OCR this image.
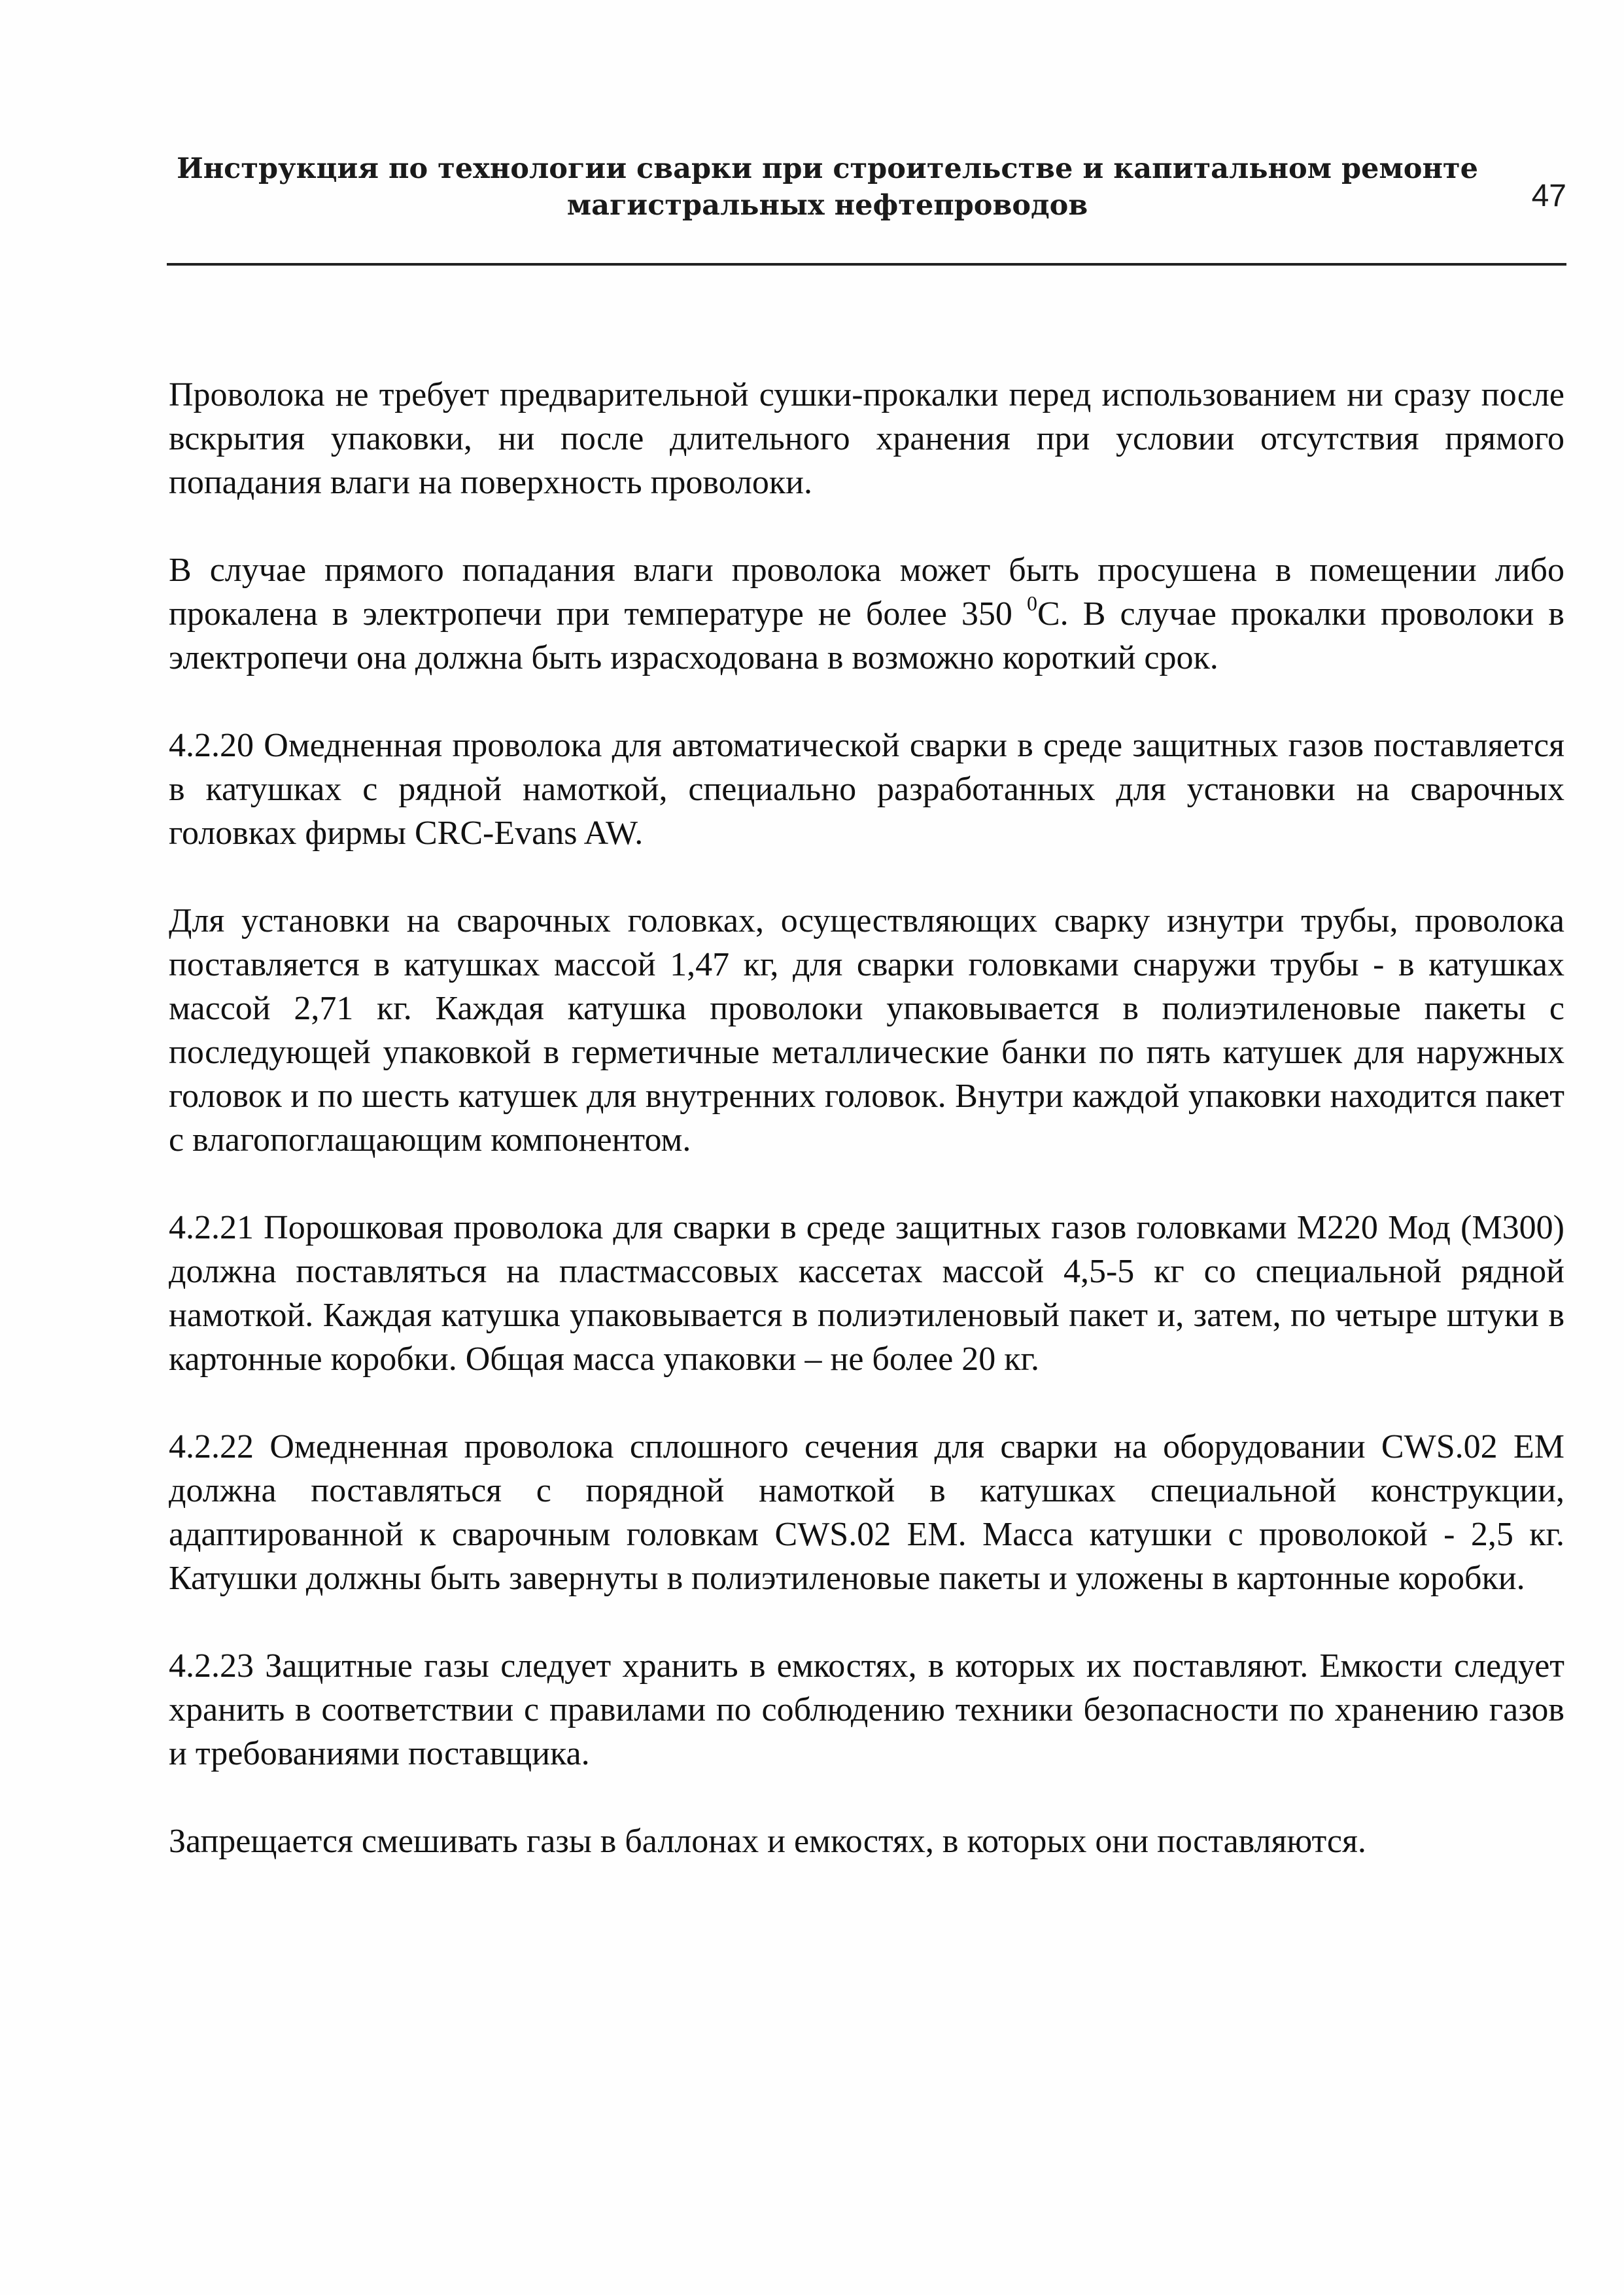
Инструкция по технологии сварки при строительстве и капитальном ремонте
магистральных нефтепроводов	47

Проволока не требует предварительной сушки-прокалки перед использованием ни сразу после вскрытия упаковки, ни после длительного хранения при условии отсутствия прямого попадания влаги на поверхность проволоки.

В случае прямого попадания влаги проволока может быть просушена в помещении либо прокалена в электропечи при температуре не более 350 $^0$С. В случае прокалки проволоки в электропечи она должна быть израсходована в возможно короткий срок.

4.2.20 Омедненная проволока для автоматической сварки в среде защитных газов поставляется в катушках с рядной намоткой, специально разработанных для установки на сварочных головках фирмы CRC-Evans AW.

Для установки на сварочных головках, осуществляющих сварку изнутри трубы, проволока поставляется в катушках массой 1,47 кг, для сварки головками снаружи трубы - в катушках массой 2,71 кг. Каждая катушка проволоки упаковывается в полиэтиленовые пакеты с последующей упаковкой в герметичные металлические банки по пять катушек для наружных головок и по шесть катушек для внутренних головок. Внутри каждой упаковки находится пакет с влагопоглащающим компонентом.

4.2.21 Порошковая проволока для сварки в среде защитных газов головками М220 Мод (М300) должна поставляться на пластмассовых кассетах массой 4,5-5 кг со специальной рядной намоткой. Каждая катушка упаковывается в полиэтиленовый пакет и, затем, по четыре штуки в картонные коробки. Общая масса упаковки – не более 20 кг.

4.2.22 Омедненная проволока сплошного сечения для сварки на оборудовании CWS.02 EM должна поставляться с порядной намоткой в катушках специальной конструкции, адаптированной к сварочным головкам CWS.02 EM. Масса катушки с проволокой - 2,5 кг. Катушки должны быть завернуты в полиэтиленовые пакеты и уложены в картонные коробки.

4.2.23 Защитные газы следует хранить в емкостях, в которых их поставляют. Емкости следует хранить в соответствии с правилами по соблюдению техники безопасности по хранению газов и требованиями поставщика.

Запрещается смешивать газы в баллонах и емкостях, в которых они поставляются.
